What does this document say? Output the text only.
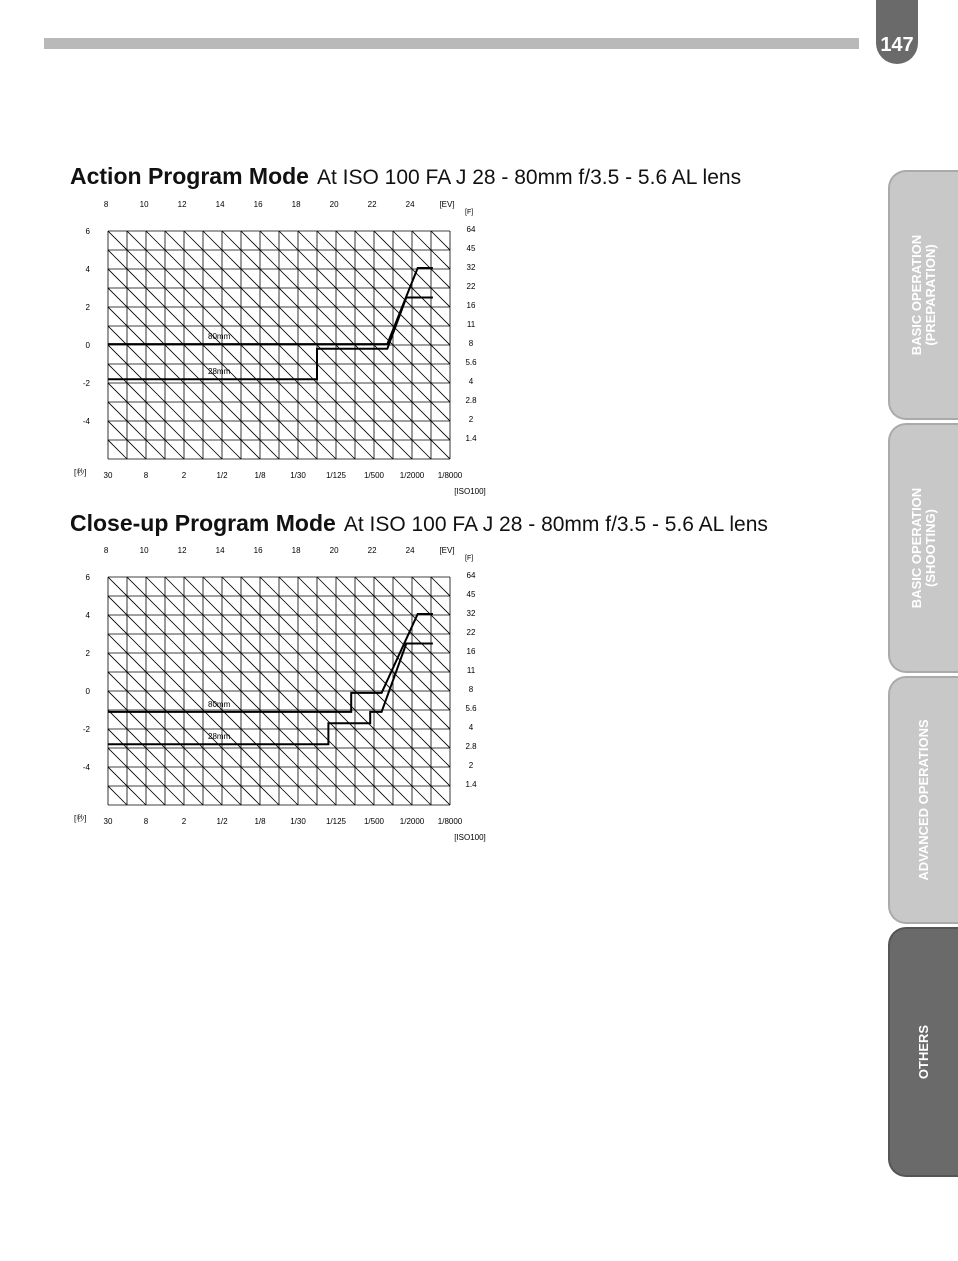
147
Action Program Mode At ISO 100 FA J 28 - 80mm f/3.5 - 5.6 AL lens
8	10	12	14	16	18	20	22	24	[EV]
6
4
2
0
-2
-4
[F]
64
45
32
22
16
11
8
5.6
4
2.8
2
1.4
[秒] 30	8	2	1/2	1/8	1/30	1/125 1/500 1/2000 1/8000
[ISO100]
80mm
28mm
Close-up Program Mode At ISO 100 FA J 28 - 80mm f/3.5 - 5.6 AL lens
8	10	12	14	16	18	20	22	24	[EV]
6
4
2
0
-2
-4
[F]
64
45
32
22
16
11
8
5.6
4
2.8
2
1.4
[秒] 30	8	2	1/2	1/8	1/30	1/125 1/500 1/2000 1/8000
[ISO100]
80mm
28mm
BASIC OPERATION (PREPARATION)
BASIC OPERATION (SHOOTING)
ADVANCED OPERATIONS
OTHERS
